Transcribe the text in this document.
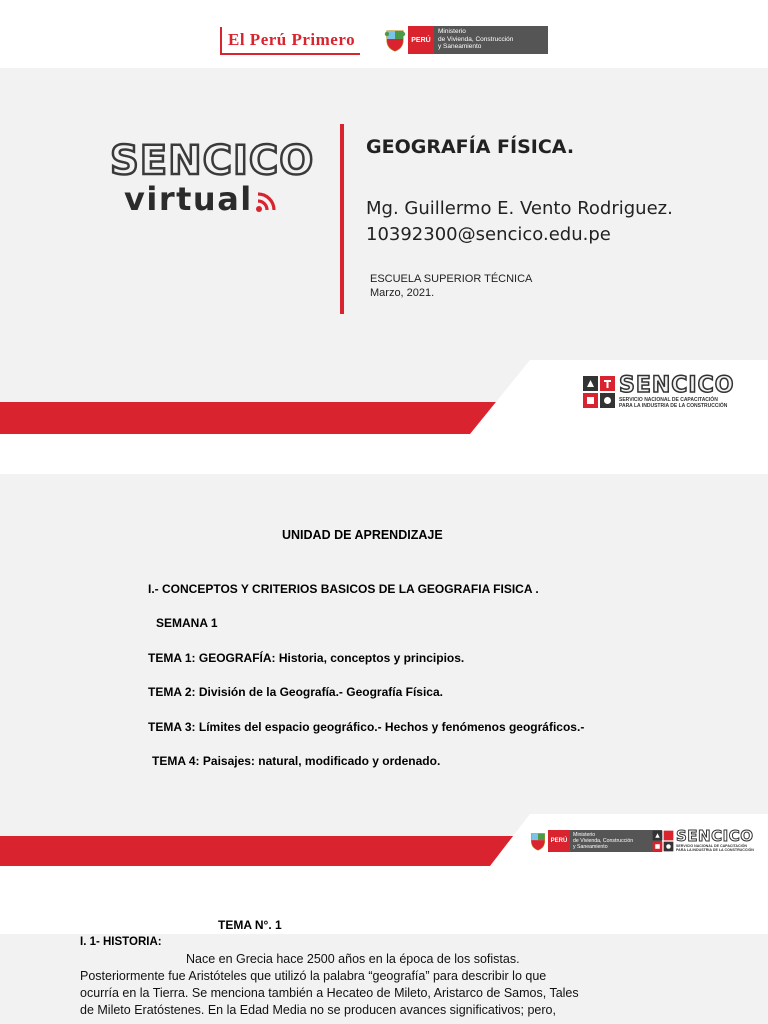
El Perú Primero	PERÚ
Ministerio
de Vivienda, Construcción
y Saneamiento
SENCICO
virtual
GEOGRAFÍA FÍSICA.
Mg. Guillermo E. Vento Rodriguez.
10392300@sencico.edu.pe
ESCUELA SUPERIOR TÉCNICA
Marzo, 2021.
SENCICO
SERVICIO NACIONAL DE CAPACITACIÓN
PARA LA INDUSTRIA DE LA CONSTRUCCIÓN
UNIDAD DE APRENDIZAJE
I.- CONCEPTOS Y CRITERIOS BASICOS DE LA GEOGRAFIA FISICA .
SEMANA 1
TEMA 1: GEOGRAFÍA: Historia, conceptos y principios.
TEMA 2: División de la Geografía.- Geografía Física.
TEMA 3: Límites del espacio geográfico.- Hechos y fenómenos geográficos.-
TEMA 4: Paisajes: natural, modificado y ordenado.
PERÚ
Ministerio
de Vivienda, Construcción
y Saneamiento
SENCICO
SERVICIO NACIONAL DE CAPACITACIÓN
PARA LA INDUSTRIA DE LA CONSTRUCCIÓN
TEMA N°. 1
I. 1- HISTORIA:
Nace en Grecia hace 2500 años en la época de los sofistas.
Posteriormente fue Aristóteles que utilizó la palabra “geografía” para describir lo que
ocurría en la Tierra. Se menciona también a Hecateo de Mileto, Aristarco de Samos, Tales
de Mileto Eratóstenes. En la Edad Media no se producen avances significativos; pero,
